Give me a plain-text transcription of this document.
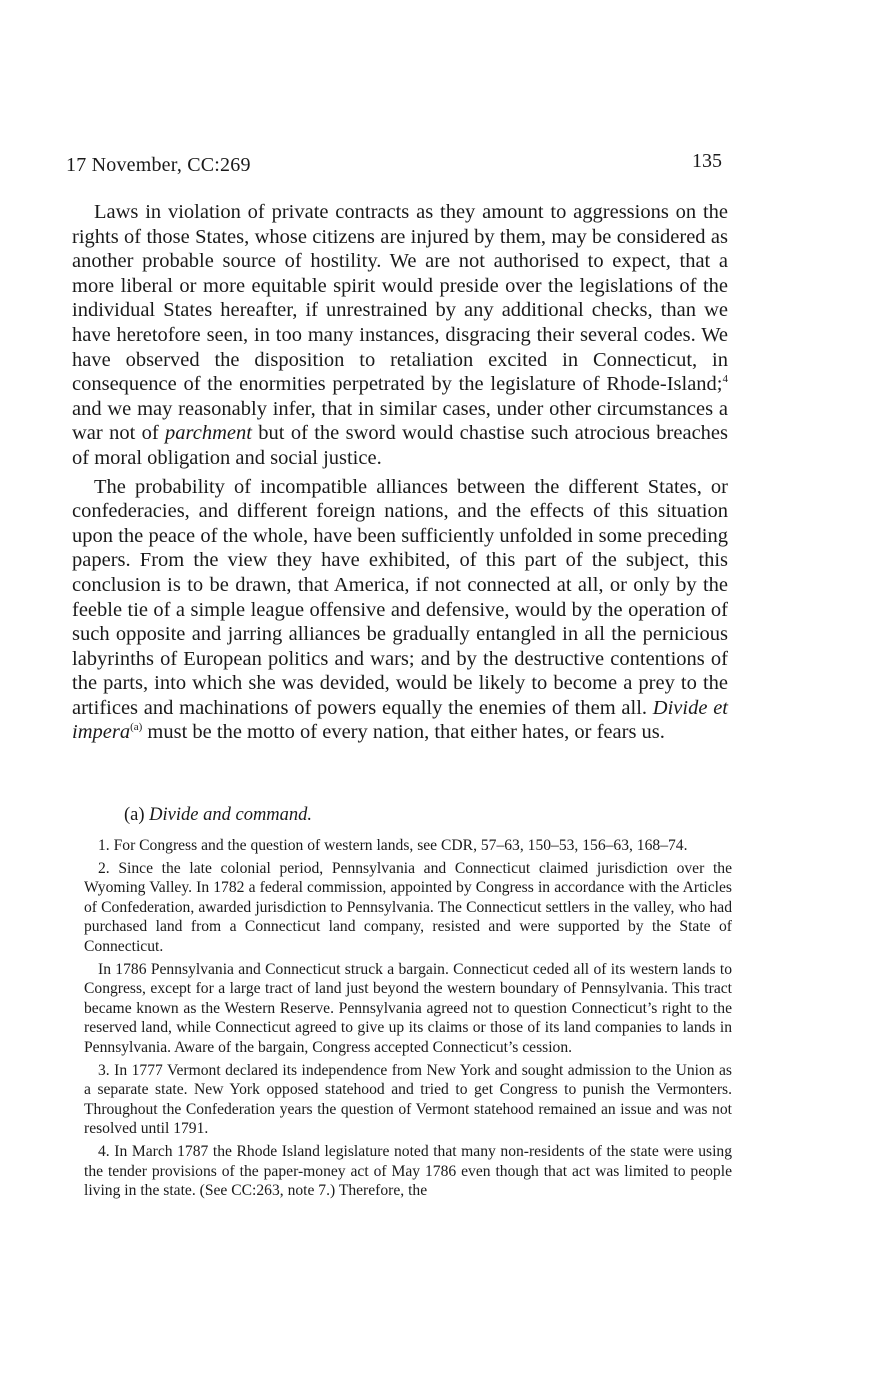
17 November, CC:269	135

Laws in violation of private contracts as they amount to aggressions on the rights of those States, whose citizens are injured by them, may be considered as another probable source of hostility. We are not authorised to expect, that a more liberal or more equitable spirit would preside over the legislations of the individual States hereafter, if unrestrained by any additional checks, than we have heretofore seen, in too many instances, disgracing their several codes. We have observed the disposition to retaliation excited in Connecticut, in consequence of the enormities perpetrated by the legislature of Rhode-Island;$^4$ and we may reasonably infer, that in similar cases, under other circumstances a war not of parchment but of the sword would chastise such atrocious breaches of moral obligation and social justice.

The probability of incompatible alliances between the different States, or confederacies, and different foreign nations, and the effects of this situation upon the peace of the whole, have been sufficiently unfolded in some preceding papers. From the view they have exhibited, of this part of the subject, this conclusion is to be drawn, that America, if not connected at all, or only by the feeble tie of a simple league offensive and defensive, would by the operation of such opposite and jarring alliances be gradually entangled in all the pernicious labyrinths of European politics and wars; and by the destructive contentions of the parts, into which she was devided, would be likely to become a prey to the artifices and machinations of powers equally the enemies of them all. Divide et impera$^{(a)}$ must be the motto of every nation, that either hates, or fears us.

(a) Divide and command.

1. For Congress and the question of western lands, see CDR, 57–63, 150–53, 156–63, 168–74.

2. Since the late colonial period, Pennsylvania and Connecticut claimed jurisdiction over the Wyoming Valley. In 1782 a federal commission, appointed by Congress in accordance with the Articles of Confederation, awarded jurisdiction to Pennsylvania. The Connecticut settlers in the valley, who had purchased land from a Connecticut land company, resisted and were supported by the State of Connecticut.

In 1786 Pennsylvania and Connecticut struck a bargain. Connecticut ceded all of its western lands to Congress, except for a large tract of land just beyond the western boundary of Pennsylvania. This tract became known as the Western Reserve. Pennsylvania agreed not to question Connecticut’s right to the reserved land, while Connecticut agreed to give up its claims or those of its land companies to lands in Pennsylvania. Aware of the bargain, Congress accepted Connecticut’s cession.

3. In 1777 Vermont declared its independence from New York and sought admission to the Union as a separate state. New York opposed statehood and tried to get Congress to punish the Vermonters. Throughout the Confederation years the question of Vermont statehood remained an issue and was not resolved until 1791.

4. In March 1787 the Rhode Island legislature noted that many non-residents of the state were using the tender provisions of the paper-money act of May 1786 even though that act was limited to people living in the state. (See CC:263, note 7.) Therefore, the
